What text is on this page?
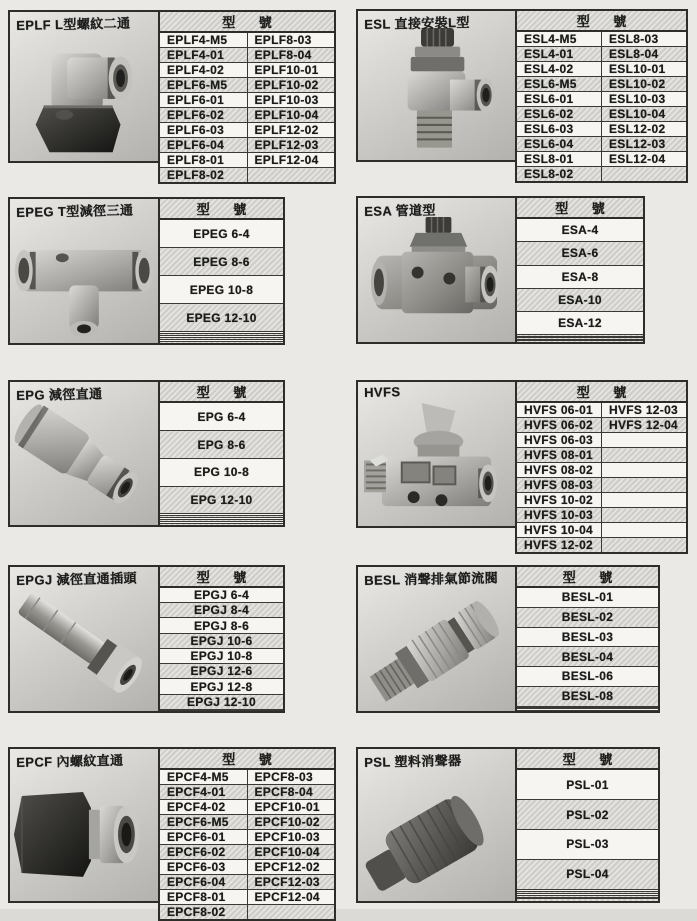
EPLF L型螺紋二通	型 號	
EPLF4-M5	EPLF8-03
EPLF4-01	EPLF8-04
EPLF4-02	EPLF10-01
EPLF6-M5	EPLF10-02
EPLF6-01	EPLF10-03
EPLF6-02	EPLF10-04
EPLF6-03	EPLF12-02
EPLF6-04	EPLF12-03
EPLF8-01	EPLF12-04
EPLF8-02	
ESL 直接安裝L型	型 號	
ESL4-M5	ESL8-03
ESL4-01	ESL8-04
ESL4-02	ESL10-01
ESL6-M5	ESL10-02
ESL6-01	ESL10-03
ESL6-02	ESL10-04
ESL6-03	ESL12-02
ESL6-04	ESL12-03
ESL8-01	ESL12-04
ESL8-02	
EPEG T型減徑三通	型 號
EPEG 6-4
EPEG 8-6
EPEG 10-8
EPEG 12-10

ESA 管道型	型 號
ESA-4
ESA-6
ESA-8
ESA-10
ESA-12

EPG 減徑直通	型 號
EPG 6-4
EPG 8-6
EPG 10-8
EPG 12-10

HVFS	型 號	
HVFS 06-01	HVFS 12-03
HVFS 06-02	HVFS 12-04
HVFS 06-03	
HVFS 08-01	
HVFS 08-02	
HVFS 08-03	
HVFS 10-02	
HVFS 10-03	
HVFS 10-04	
HVFS 12-02	
EPGJ 減徑直通插頭	型 號
EPGJ 6-4
EPGJ 8-4
EPGJ 8-6
EPGJ 10-6
EPGJ 10-8
EPGJ 12-6
EPGJ 12-8
EPGJ 12-10

BESL 消聲排氣節流閥	型 號
BESL-01
BESL-02
BESL-03
BESL-04
BESL-06
BESL-08

EPCF 內螺紋直通	型 號	
EPCF4-M5	EPCF8-03
EPCF4-01	EPCF8-04
EPCF4-02	EPCF10-01
EPCF6-M5	EPCF10-02
EPCF6-01	EPCF10-03
EPCF6-02	EPCF10-04
EPCF6-03	EPCF12-02
EPCF6-04	EPCF12-03
EPCF8-01	EPCF12-04
EPCF8-02	
PSL 塑料消聲器	型 號
PSL-01
PSL-02
PSL-03
PSL-04
